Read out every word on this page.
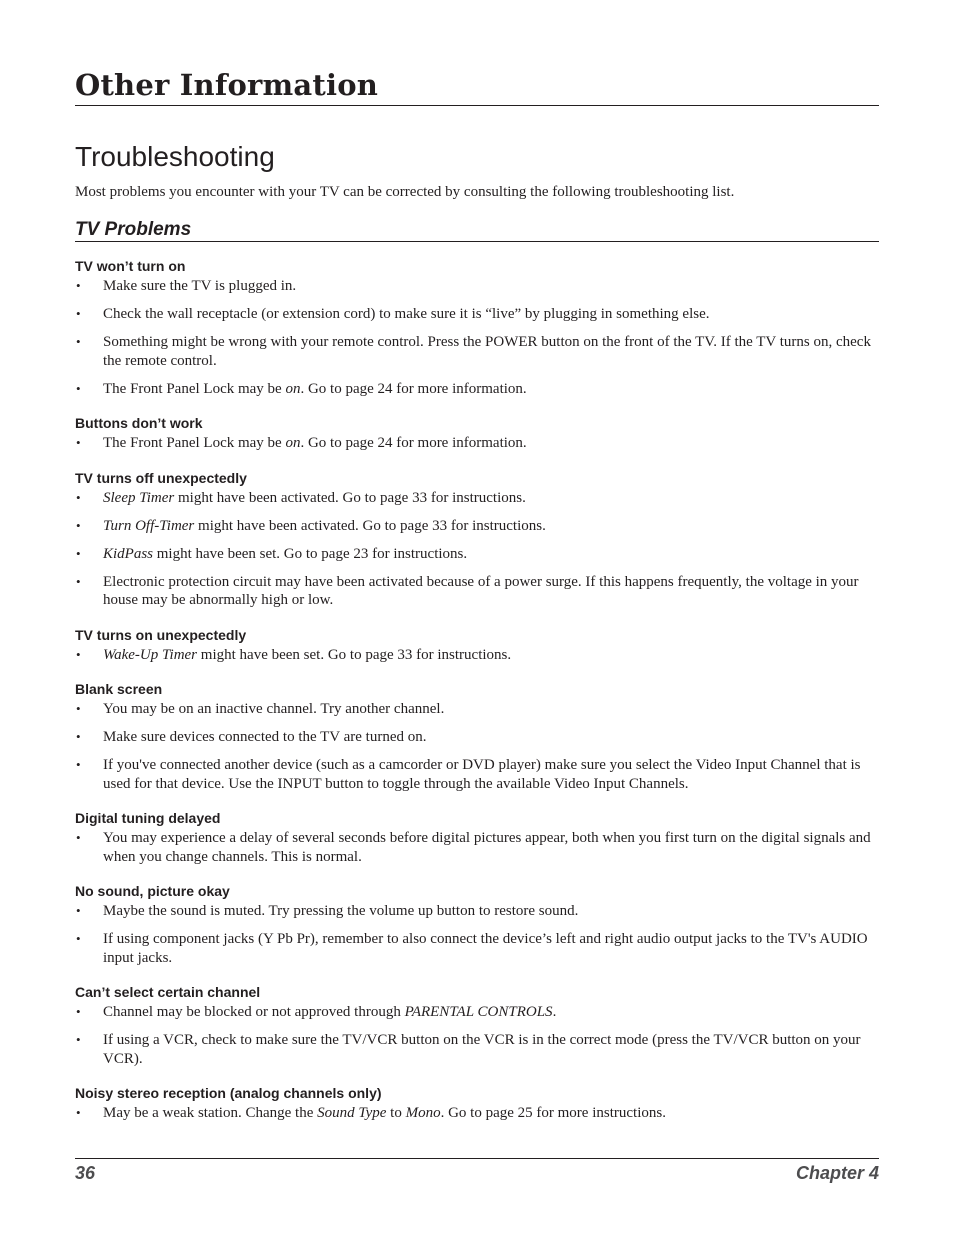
Other Information
Troubleshooting

Most problems you encounter with your TV can be corrected by consulting the following troubleshooting list.

TV Problems
TV won’t turn on
• Make sure the TV is plugged in.
• Check the wall receptacle (or extension cord) to make sure it is “live” by plugging in something else.
• Something might be wrong with your remote control. Press the POWER button on the front of the TV. If the TV turns on, check the remote control.
• The Front Panel Lock may be on. Go to page 24 for more information.
Buttons don’t work
• The Front Panel Lock may be on. Go to page 24 for more information.
TV turns off unexpectedly
• Sleep Timer might have been activated. Go to page 33 for instructions.
• Turn Off-Timer might have been activated. Go to page 33 for instructions.
• KidPass might have been set. Go to page 23 for instructions.
• Electronic protection circuit may have been activated because of a power surge. If this happens frequently, the voltage in your house may be abnormally high or low.
TV turns on unexpectedly
• Wake-Up Timer might have been set. Go to page 33 for instructions.
Blank screen
• You may be on an inactive channel. Try another channel.
• Make sure devices connected to the TV are turned on.
• If you've connected another device (such as a camcorder or DVD player) make sure you select the Video Input Channel that is used for that device. Use the INPUT button to toggle through the available Video Input Channels.
Digital tuning delayed
• You may experience a delay of several seconds before digital pictures appear, both when you first turn on the digital signals and when you change channels. This is normal.
No sound, picture okay
• Maybe the sound is muted. Try pressing the volume up button to restore sound.
• If using component jacks (Y Pb Pr), remember to also connect the device’s left and right audio output jacks to the TV's AUDIO input jacks.
Can’t select certain channel
• Channel may be blocked or not approved through PARENTAL CONTROLS.
• If using a VCR, check to make sure the TV/VCR button on the VCR is in the correct mode (press the TV/VCR button on your VCR).
Noisy stereo reception (analog channels only)
• May be a weak station. Change the Sound Type to Mono. Go to page 25 for more instructions.
36	Chapter 4
